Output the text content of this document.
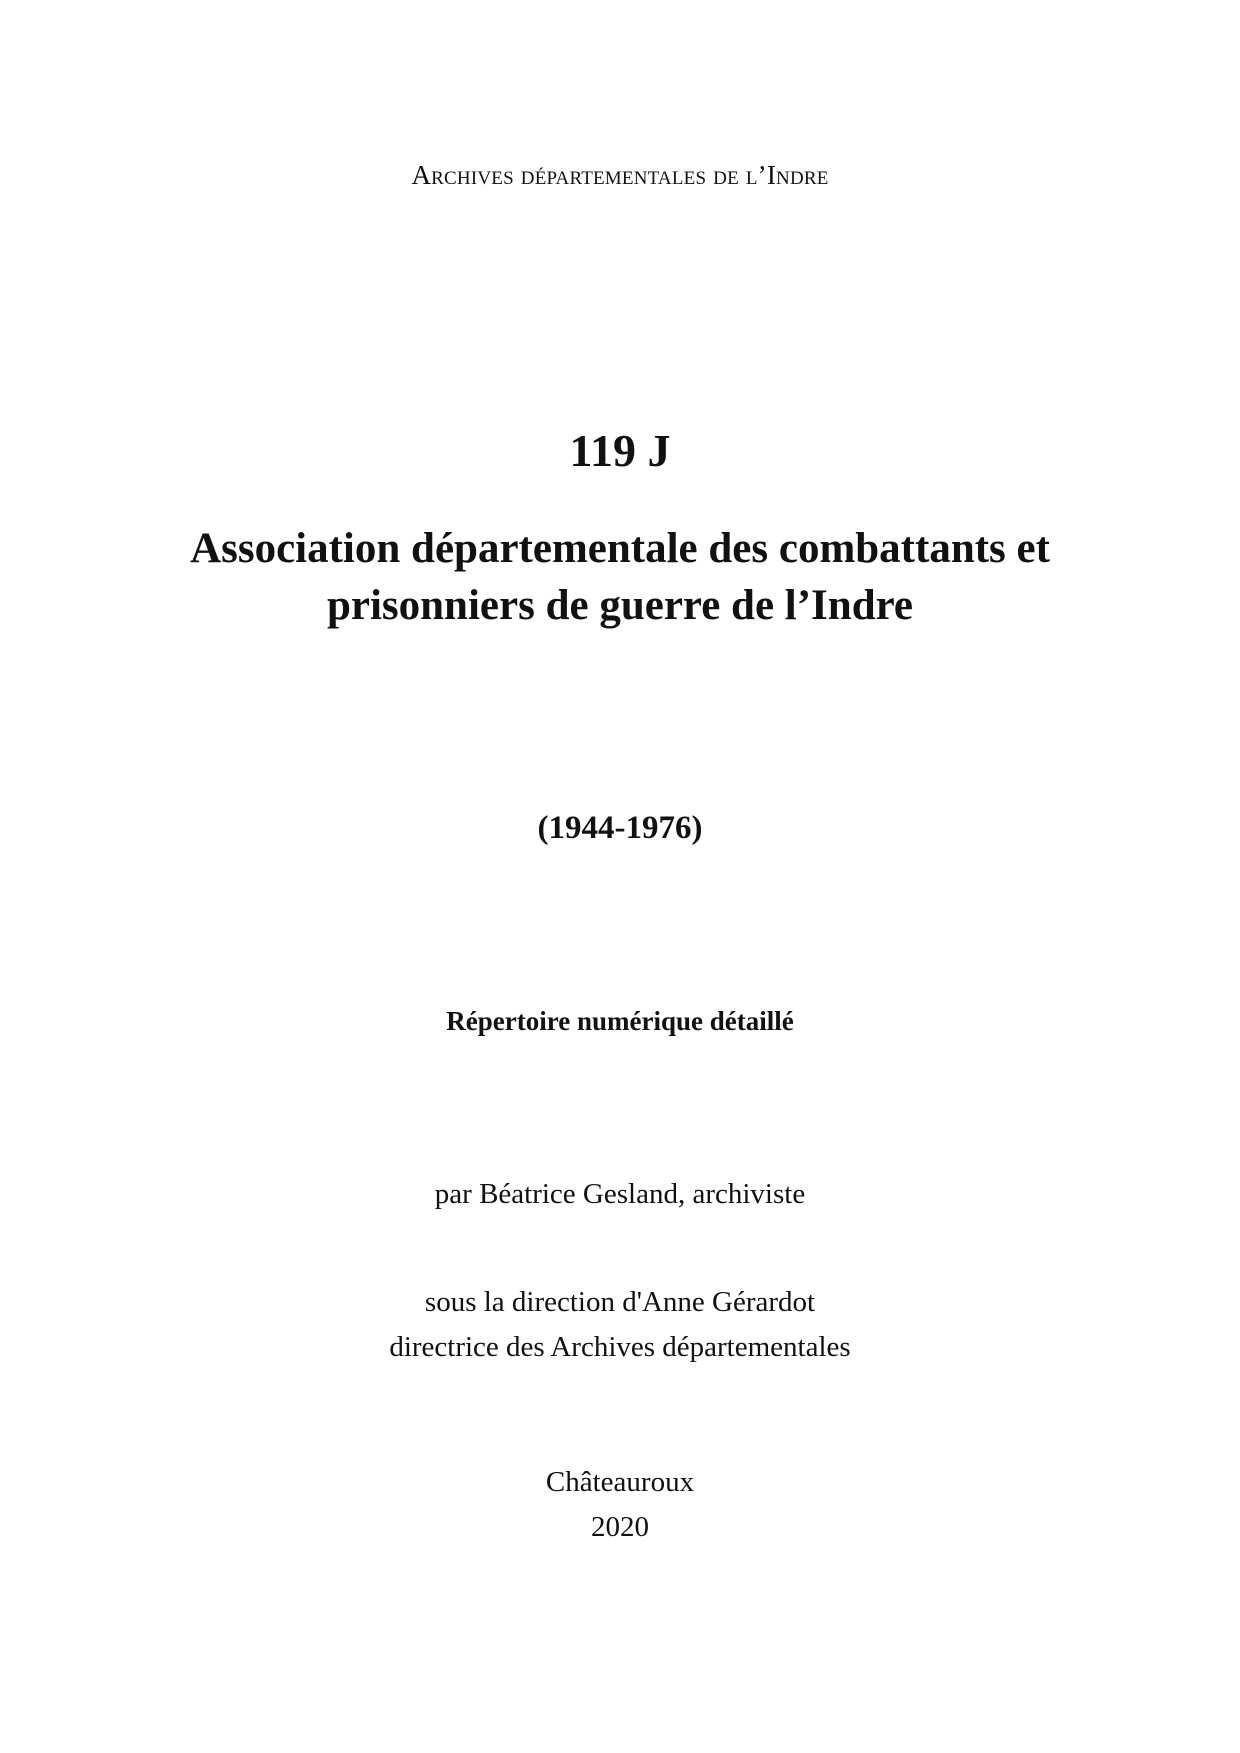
Archives départementales de l’Indre
119 J
Association départementale des combattants et
prisonniers de guerre de l’Indre
(1944-1976)
Répertoire numérique détaillé
par Béatrice Gesland, archiviste
sous la direction d'Anne Gérardot
directrice des Archives départementales
Châteauroux
2020
